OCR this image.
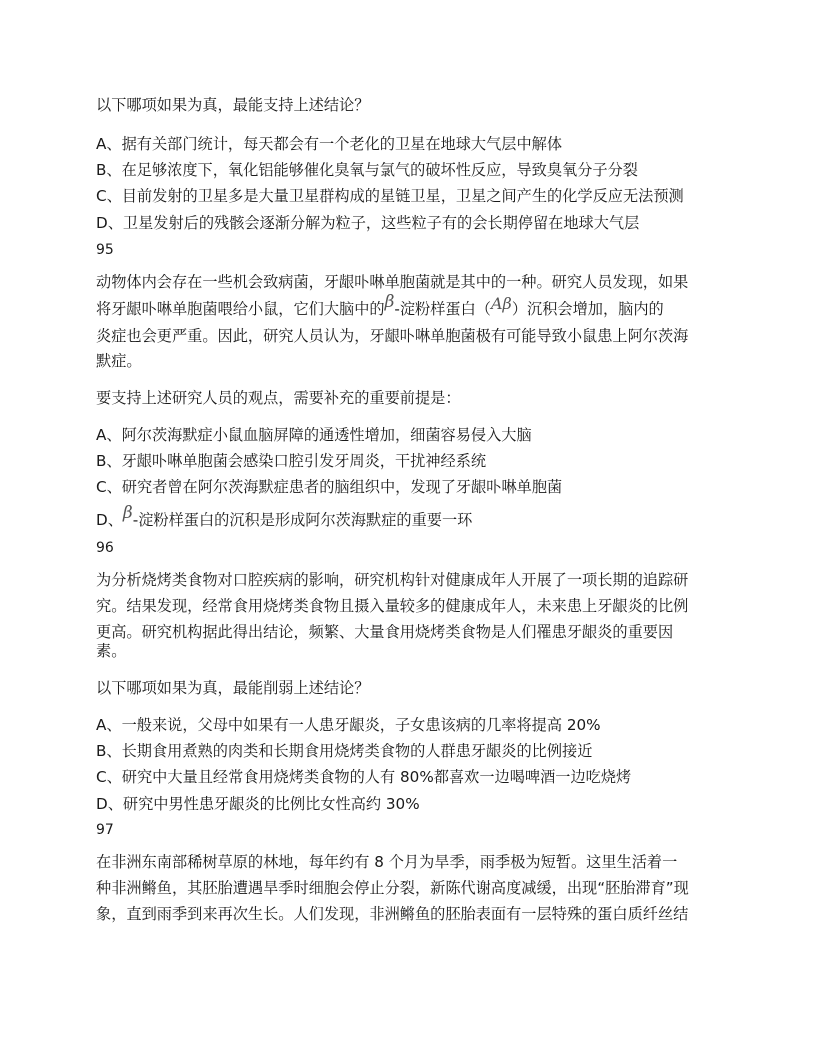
以下哪项如果为真，最能支持上述结论？
A、据有关部门统计，每天都会有一个老化的卫星在地球大气层中解体
B、在足够浓度下，氧化铝能够催化臭氧与氯气的破坏性反应，导致臭氧分子分裂
C、目前发射的卫星多是大量卫星群构成的星链卫星，卫星之间产生的化学反应无法预测
D、卫星发射后的残骸会逐渐分解为粒子，这些粒子有的会长期停留在地球大气层
95
动物体内会存在一些机会致病菌，牙龈卟啉单胞菌就是其中的一种。研究人员发现，如果
将牙龈卟啉单胞菌喂给小鼠，它们大脑中的β-淀粉样蛋白（Aβ）沉积会增加，脑内的
炎症也会更严重。因此，研究人员认为，牙龈卟啉单胞菌极有可能导致小鼠患上阿尔茨海
默症。
要支持上述研究人员的观点，需要补充的重要前提是：
A、阿尔茨海默症小鼠血脑屏障的通透性增加，细菌容易侵入大脑
B、牙龈卟啉单胞菌会感染口腔引发牙周炎，干扰神经系统
C、研究者曾在阿尔茨海默症患者的脑组织中，发现了牙龈卟啉单胞菌
D、β-淀粉样蛋白的沉积是形成阿尔茨海默症的重要一环
96
为分析烧烤类食物对口腔疾病的影响，研究机构针对健康成年人开展了一项长期的追踪研
究。结果发现，经常食用烧烤类食物且摄入量较多的健康成年人，未来患上牙龈炎的比例
更高。研究机构据此得出结论，频繁、大量食用烧烤类食物是人们罹患牙龈炎的重要因
素。
以下哪项如果为真，最能削弱上述结论？
A、一般来说，父母中如果有一人患牙龈炎，子女患该病的几率将提高 20%
B、长期食用煮熟的肉类和长期食用烧烤类食物的人群患牙龈炎的比例接近
C、研究中大量且经常食用烧烤类食物的人有 80%都喜欢一边喝啤酒一边吃烧烤
D、研究中男性患牙龈炎的比例比女性高约 30%
97
在非洲东南部稀树草原的林地，每年约有 8 个月为旱季，雨季极为短暂。这里生活着一
种非洲鳉鱼，其胚胎遭遇旱季时细胞会停止分裂，新陈代谢高度减缓，出现“胚胎滞育”现
象，直到雨季到来再次生长。人们发现，非洲鳉鱼的胚胎表面有一层特殊的蛋白质纤丝结
